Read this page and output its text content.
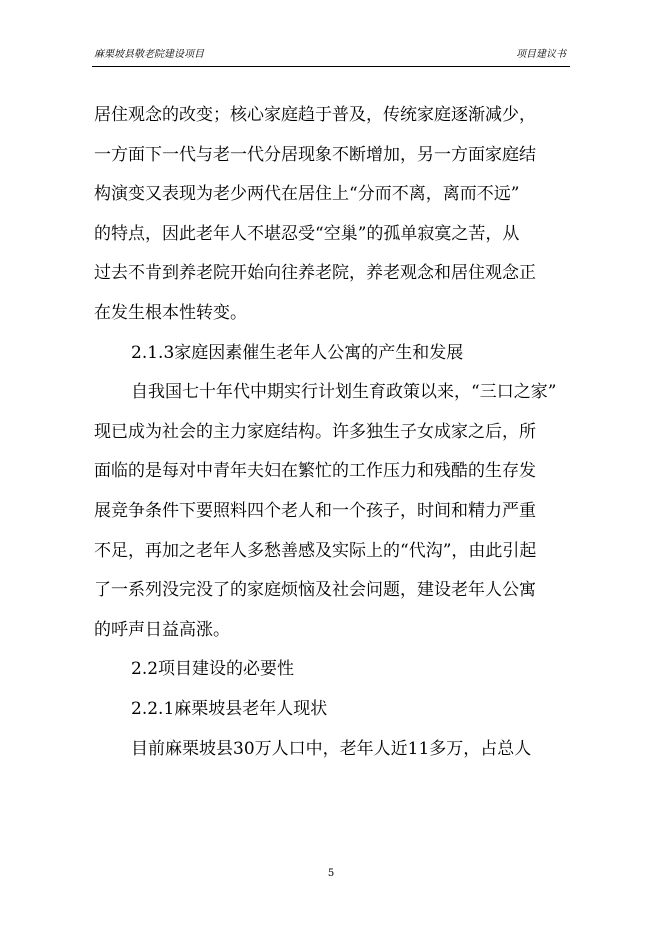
麻栗坡县敬老院建设项目	项目建议书
居住观念的改变；核心家庭趋于普及，传统家庭逐渐减少，
一方面下一代与老一代分居现象不断增加，另一方面家庭结
构演变又表现为老少两代在居住上“分而不离，离而不远”
的特点，因此老年人不堪忍受“空巢”的孤单寂寞之苦，从
过去不肯到养老院开始向往养老院，养老观念和居住观念正
在发生根本性转变。
2.1.3家庭因素催生老年人公寓的产生和发展
自我国七十年代中期实行计划生育政策以来，“三口之家”
现已成为社会的主力家庭结构。许多独生子女成家之后，所
面临的是每对中青年夫妇在繁忙的工作压力和残酷的生存发
展竞争条件下要照料四个老人和一个孩子，时间和精力严重
不足，再加之老年人多愁善感及实际上的“代沟”，由此引起
了一系列没完没了的家庭烦恼及社会问题，建设老年人公寓
的呼声日益高涨。
2.2项目建设的必要性
2.2.1麻栗坡县老年人现状
目前麻栗坡县30万人口中，老年人近11多万，占总人
5
